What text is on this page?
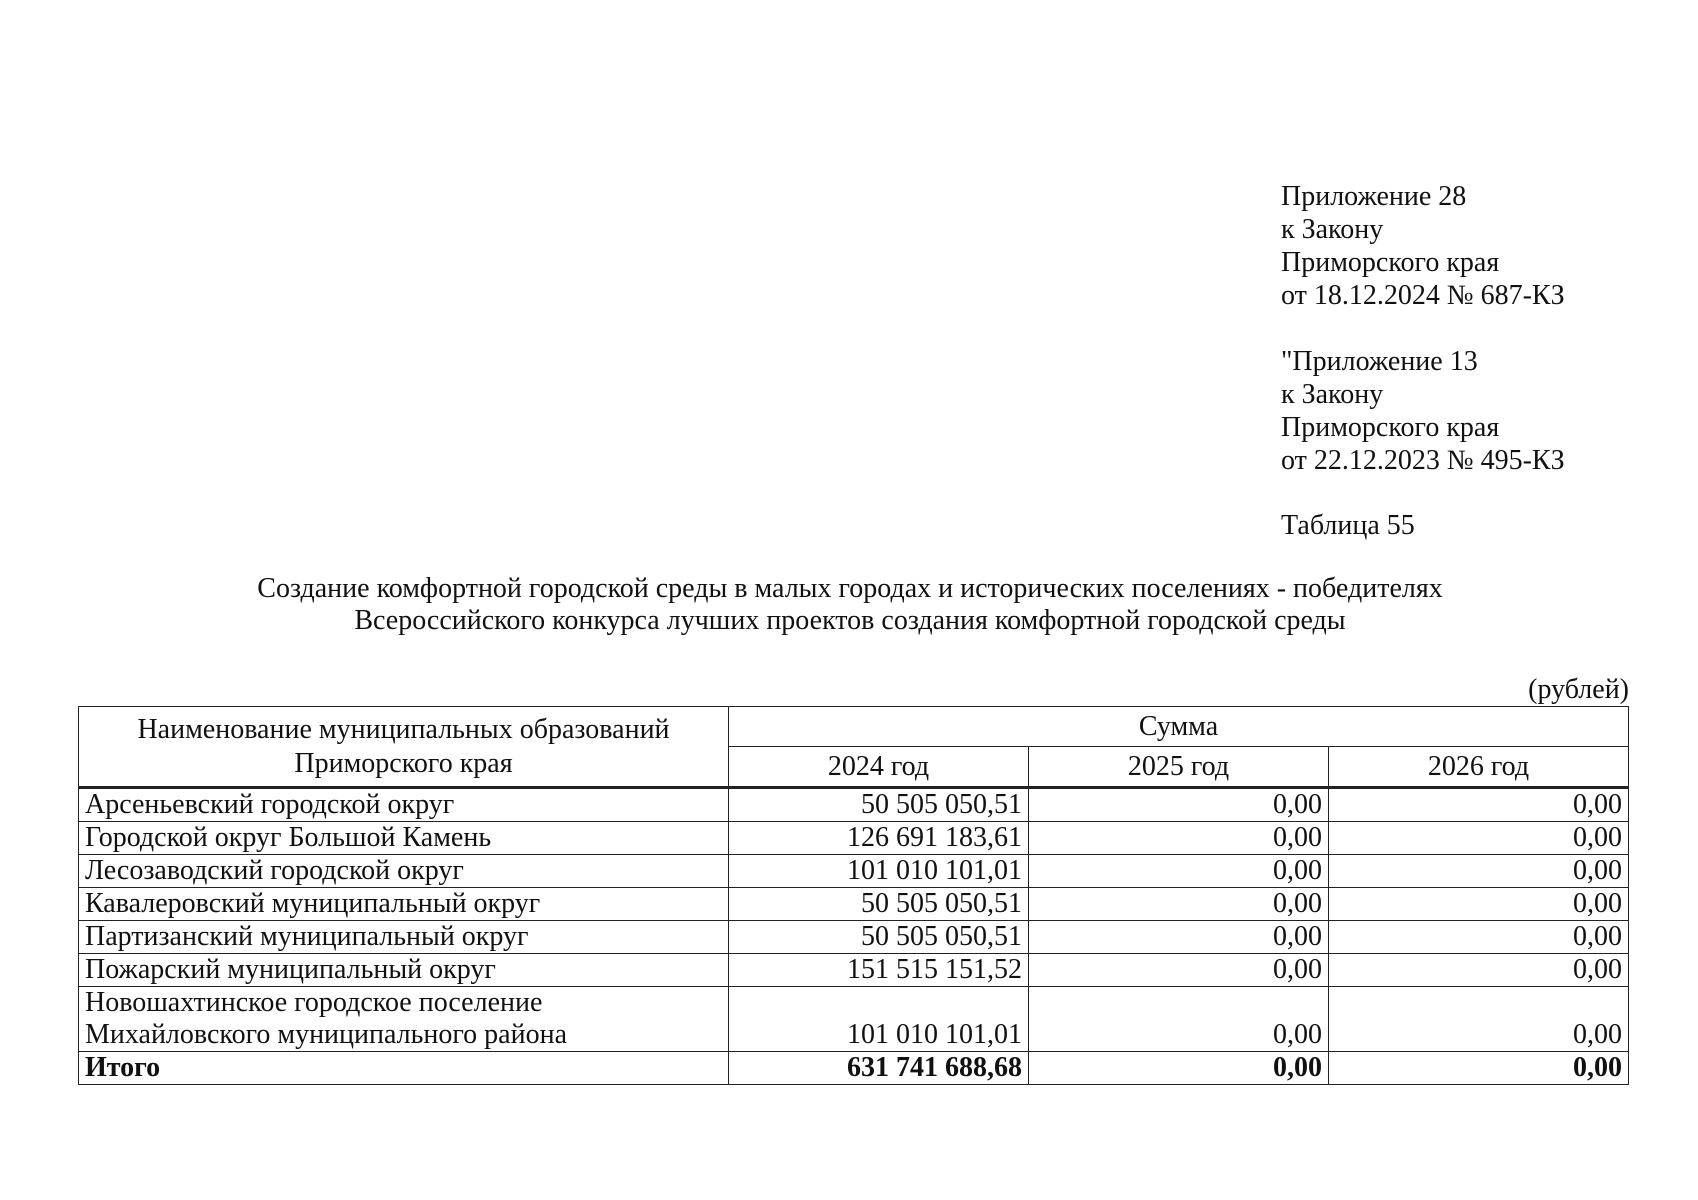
Приложение 28
к Закону
Приморского края
от 18.12.2024 № 687-КЗ
"Приложение 13
к Закону
Приморского края
от 22.12.2023 № 495-КЗ
Таблица 55
Создание комфортной городской среды в малых городах и исторических поселениях - победителях
Всероссийского конкурса лучших проектов создания комфортной городской среды
(рублей)
Наименование муниципальных образований Приморского края	Сумма		
	2024 год	2025 год	2026 год
Арсеньевский городской округ	50 505 050,51	0,00	0,00
Городской округ Большой Камень	126 691 183,61	0,00	0,00
Лесозаводский городской округ	101 010 101,01	0,00	0,00
Кавалеровский муниципальный округ	50 505 050,51	0,00	0,00
Партизанский муниципальный округ	50 505 050,51	0,00	0,00
Пожарский муниципальный округ	151 515 151,52	0,00	0,00
Новошахтинское городское поселение Михайловского муниципального района	101 010 101,01	0,00	0,00
Итого	631 741 688,68	0,00	0,00
